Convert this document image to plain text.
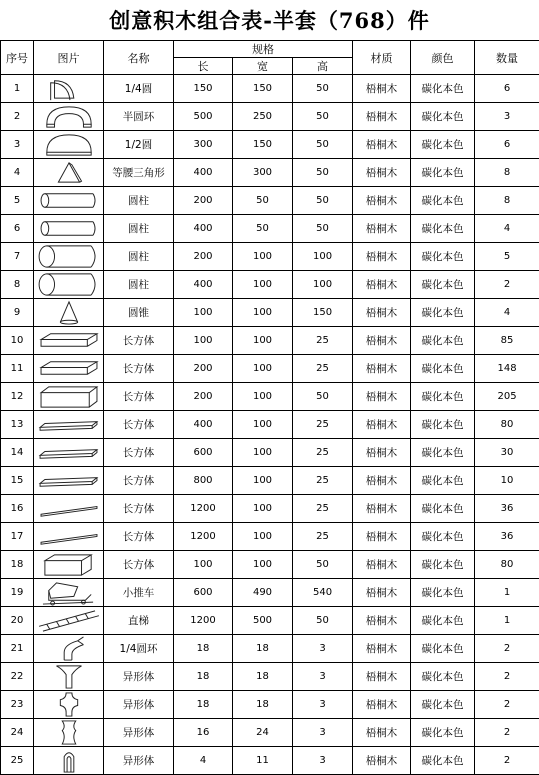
创意积木组合表-半套（768）件
序号	图片	名称	规格			材质	颜色	数量
			长	宽	高			
1		1/4圆	150	150	50	梧桐木	碳化本色	6
2		半圆环	500	250	50	梧桐木	碳化本色	3
3		1/2圆	300	150	50	梧桐木	碳化本色	6
4		等腰三角形	400	300	50	梧桐木	碳化本色	8
5		圆柱	200	50	50	梧桐木	碳化本色	8
6		圆柱	400	50	50	梧桐木	碳化本色	4
7		圆柱	200	100	100	梧桐木	碳化本色	5
8		圆柱	400	100	100	梧桐木	碳化本色	2
9		圆锥	100	100	150	梧桐木	碳化本色	4
10		长方体	100	100	25	梧桐木	碳化本色	85
11		长方体	200	100	25	梧桐木	碳化本色	148
12		长方体	200	100	50	梧桐木	碳化本色	205
13		长方体	400	100	25	梧桐木	碳化本色	80
14		长方体	600	100	25	梧桐木	碳化本色	30
15		长方体	800	100	25	梧桐木	碳化本色	10
16		长方体	1200	100	25	梧桐木	碳化本色	36
17		长方体	1200	100	25	梧桐木	碳化本色	36
18		长方体	100	100	50	梧桐木	碳化本色	80
19		小推车	600	490	540	梧桐木	碳化本色	1
20		直梯	1200	500	50	梧桐木	碳化本色	1
21		1/4圆环	18	18	3	梧桐木	碳化本色	2
22		异形体	18	18	3	梧桐木	碳化本色	2
23		异形体	18	18	3	梧桐木	碳化本色	2
24		异形体	16	24	3	梧桐木	碳化本色	2
25		异形体	4	11	3	梧桐木	碳化本色	2
